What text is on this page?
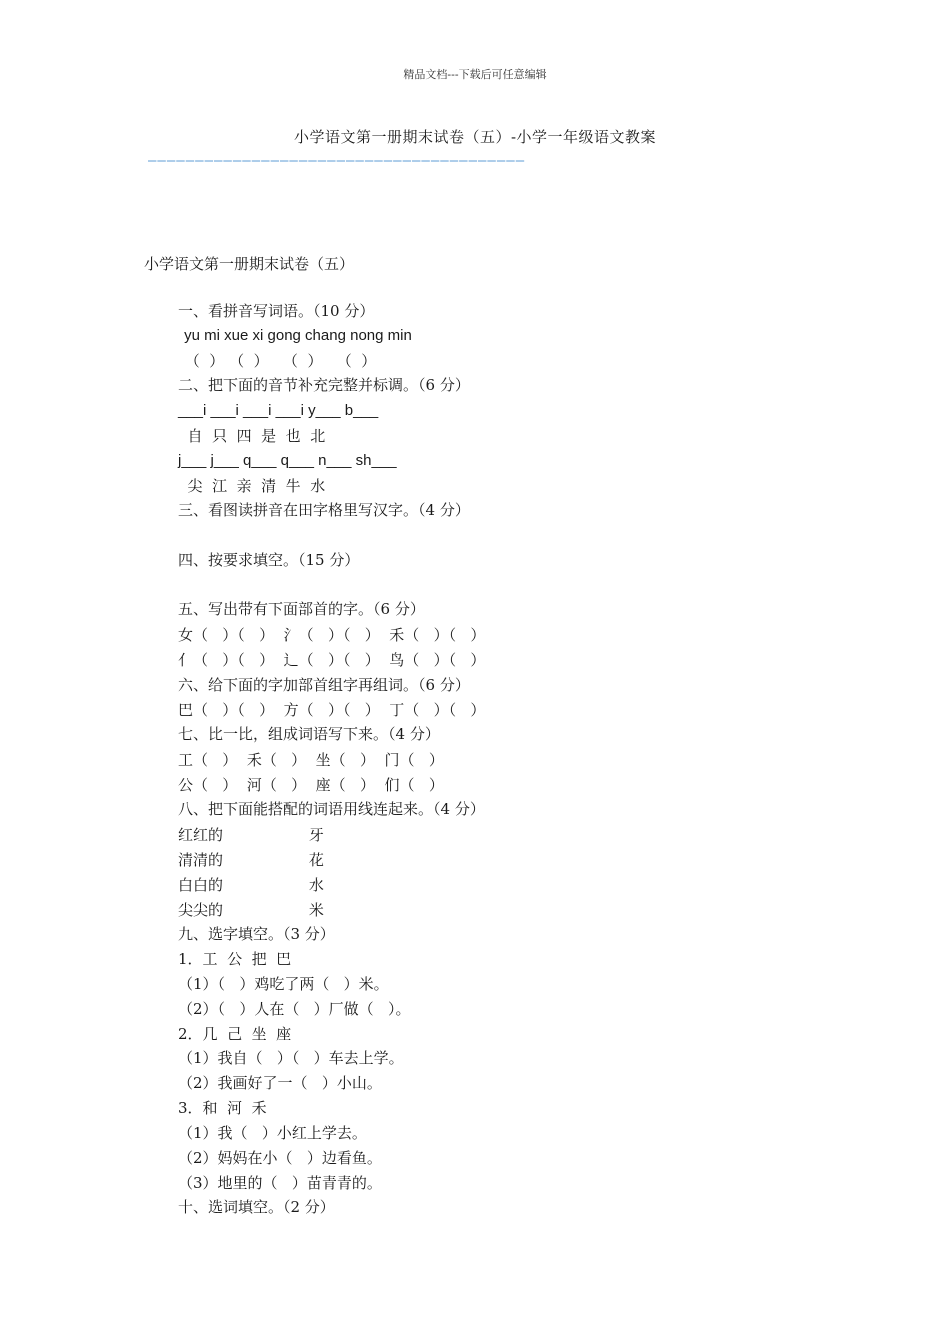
精品文档---下载后可任意编辑
小学语文第一册期末试卷（五）-小学一年级语文教案
————————————————————————————————————————
小学语文第一册期末试卷（五）
一、看拼音写词语。（10 分）
yu mi xue xi gong chang nong min
（  ） （  ）   （  ）   （  ）
二、把下面的音节补充完整并标调。（6 分）
___i ___i ___i ___i y___ b___
自  只  四  是  也  北
j___ j___ q___ q___ n___ sh___
尖  江  亲  清  牛  水
三、看图读拼音在田字格里写汉字。（4 分）
四、按要求填空。（15 分）
五、写出带有下面部首的字。（6 分）
女（   ）（   ）  氵（   ）（   ）  禾（   ）（   ）
亻（   ）（   ）  辶（   ）（   ）  鸟（   ）（   ）
六、给下面的字加部首组字再组词。（6 分）
巴（   ）（   ）  方（   ）（   ）  丁（   ）（   ）
七、比一比，组成词语写下来。（4 分）
工（   ）  禾（   ）  坐（   ）  门（   ）
公（   ）  河（   ）  座（   ）  们（   ）
八、把下面能搭配的词语用线连起来。（4 分）
红红的                  牙
清清的                  花
白白的                  水
尖尖的                  米
九、选字填空。（3 分）
1．工  公  把  巴
（1）（   ）鸡吃了两（   ）米。
（2）（   ）人在（   ）厂做（   ）。
2．几  己  坐  座
（1）我自（   ）（   ）车去上学。
（2）我画好了一（   ）小山。
3．和  河  禾
（1）我（   ）小红上学去。
（2）妈妈在小（   ）边看鱼。
（3）地里的（   ）苗青青的。
十、选词填空。（2 分）
